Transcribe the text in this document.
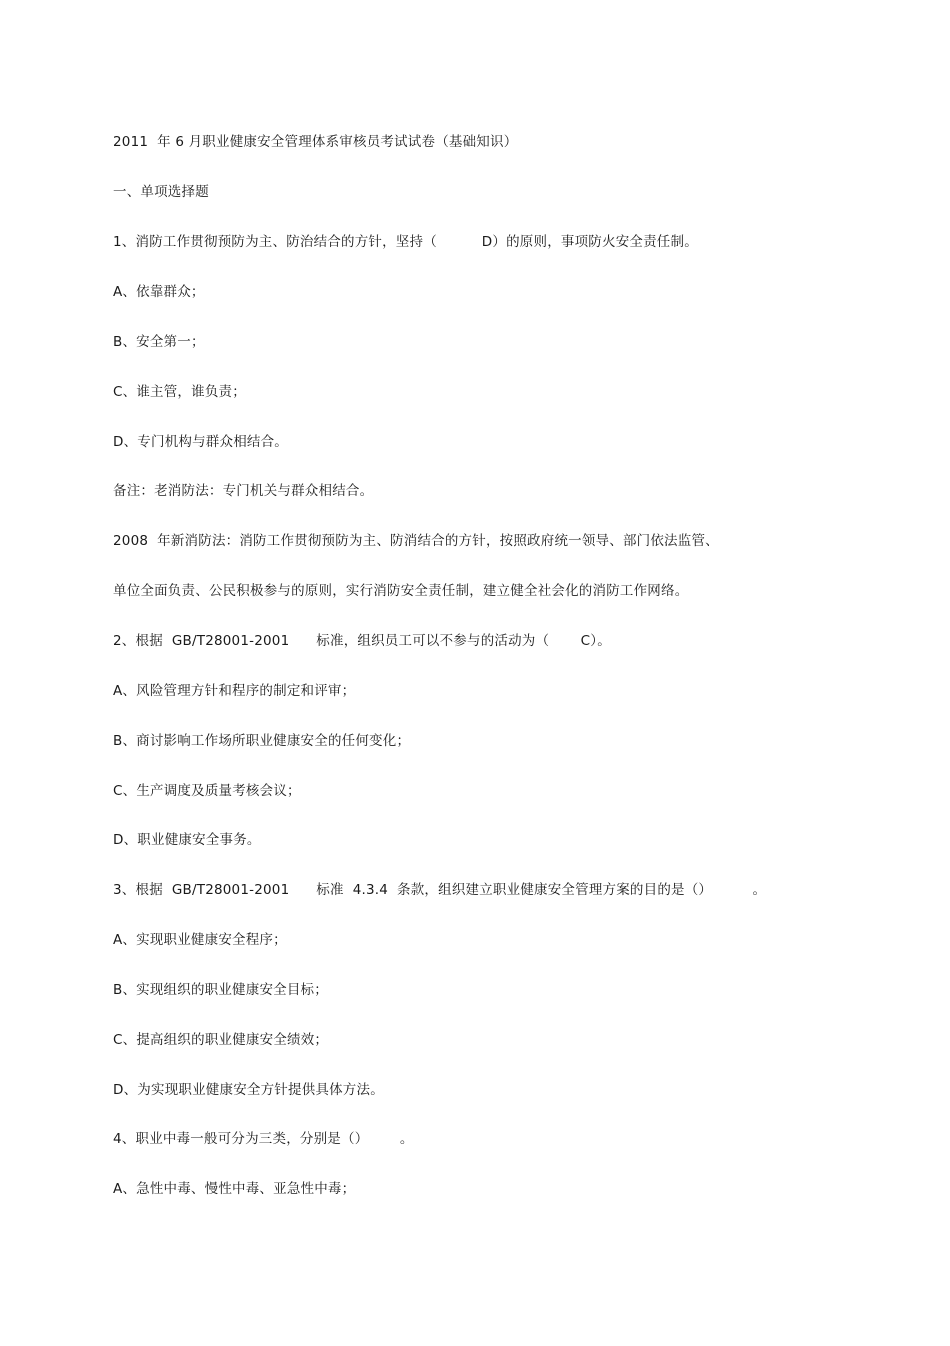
2011  年 6 月职业健康安全管理体系审核员考试试卷（基础知识）
一、单项选择题
1、消防工作贯彻预防为主、防治结合的方针，坚持（          D）的原则，事项防火安全责任制。
A、依靠群众；
B、安全第一；
C、谁主管，谁负责；
D、专门机构与群众相结合。
备注：老消防法：专门机关与群众相结合。
2008  年新消防法：消防工作贯彻预防为主、防消结合的方针，按照政府统一领导、部门依法监管、
单位全面负责、公民积极参与的原则，实行消防安全责任制，建立健全社会化的消防工作网络。
2、根据  GB/T28001-2001      标准，组织员工可以不参与的活动为（       C）。
A、风险管理方针和程序的制定和评审；
B、商讨影响工作场所职业健康安全的任何变化；
C、生产调度及质量考核会议；
D、职业健康安全事务。
3、根据  GB/T28001-2001      标准  4.3.4  条款，组织建立职业健康安全管理方案的目的是（）         。
A、实现职业健康安全程序；
B、实现组织的职业健康安全目标；
C、提高组织的职业健康安全绩效；
D、为实现职业健康安全方针提供具体方法。
4、职业中毒一般可分为三类，分别是（）       。
A、急性中毒、慢性中毒、亚急性中毒；
